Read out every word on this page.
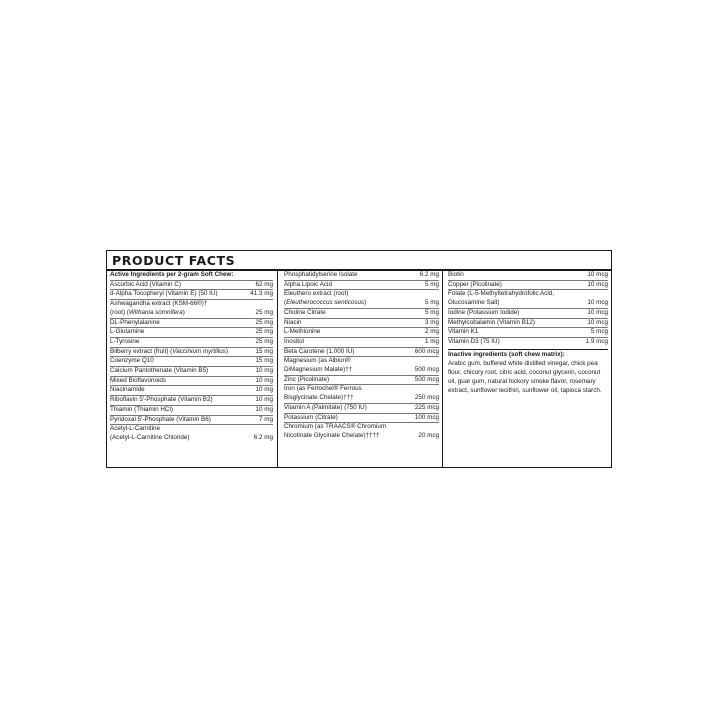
PRODUCT FACTS
Active Ingredients per 2-gram Soft Chew:
Ascorbic Acid (Vitamin C)	62 mg
d-Alpha Tocopheryl (Vitamin E) (50 IU)	41.3 mg
Ashwagandha extract (KSM-66®)†
(root) (Withania somnifera)	25 mg
DL-Phenylalanine	25 mg
L-Glutamine	25 mg
L-Tyrosine	25 mg
Bilberry extract (fruit) (Vaccinium myrtillus)	15 mg
Coenzyme Q10	15 mg
Calcium Pantothenate (Vitamin B5)	10 mg
Mixed Bioflavonoids	10 mg
Niacinamide	10 mg
Riboflavin 5'-Phosphate (Vitamin B2)	10 mg
Thiamin (Thiamin HCl)	10 mg
Pyridoxal 5'-Phosphate (Vitamin B6)	7 mg
Acetyl-L-Carnitine
(Acetyl-L-Carnitine Chloride)	6.2 mg
Phosphatidylserine Isolate	6.2 mg
Alpha Lipoic Acid	5 mg
Eleuthero extract (root)
(Eleutherococcus senticosus)	5 mg
Choline Citrate	5 mg
Niacin	3 mg
L-Methionine	2 mg
Inositol	1 mg
Beta Carotene (1,000 IU)	600 mcg
Magnesium (as Albion®
DiMagnesium Malate)††	500 mcg
Zinc (Picolinate)	500 mcg
Iron (as Ferrochel® Ferrous
Bisglycinate Chelate)†††	250 mcg
Vitamin A (Palmitate) (750 IU)	225 mcg
Potassium (Citrate)	100 mcg
Chromium (as TRAACS® Chromium
Nicotinate Glycinate Chelate)††††	20 mcg
Biotin	10 mcg
Copper (Picolinate)	10 mcg
Folate (L-5-Methyltetrahydrofolic Acid,
Glucosamine Salt)	10 mcg
Iodine (Potassium Iodide)	10 mcg
Methylcobalamin (Vitamin B12)	10 mcg
Vitamin K1	5 mcg
Vitamin D3 (75 IU)	1.9 mcg
Inactive ingredients (soft chew matrix):
Arabic gum, buffered white distilled vinegar, chick pea flour, chicory root, citric acid, coconut glycerin, coconut oil, guar gum, natural hickory smoke flavor, rosemary extract, sunflower lecithin, sunflower oil, tapioca starch.
